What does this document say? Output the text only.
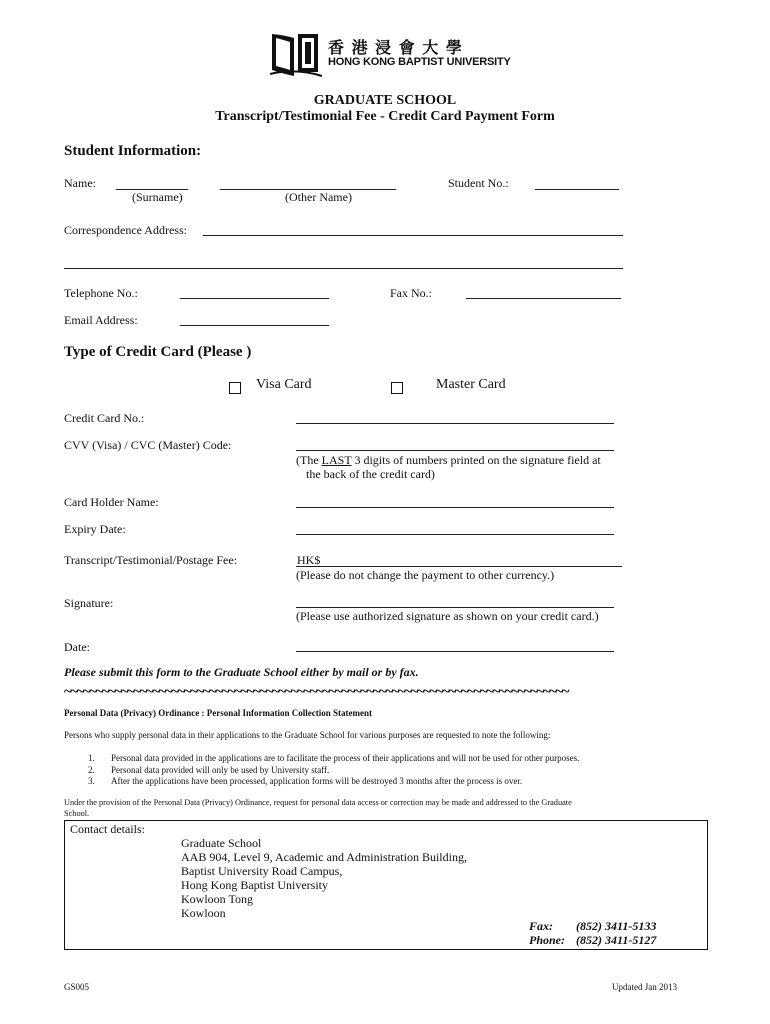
香 港 浸 會 大 學
HONG KONG BAPTIST UNIVERSITY
GRADUATE SCHOOL
Transcript/Testimonial Fee - Credit Card Payment Form
Student Information:
Name:
(Surname)	(Other Name)
Student No.:
Correspondence Address:
Telephone No.:	Fax No.:
Email Address:
Type of Credit Card (Please )
Visa Card	Master Card
Credit Card No.:
CVV (Visa) / CVC (Master) Code:
(The LAST 3 digits of numbers printed on the signature field at
the back of the credit card)
Card Holder Name:
Expiry Date:
Transcript/Testimonial/Postage Fee:	HK$
(Please do not change the payment to other currency.)
Signature:
(Please use authorized signature as shown on your credit card.)
Date:
Please submit this form to the Graduate School either by mail or by fax.
~~~~~~~~~~~~~~~~~~~~~~~~~~~~~~~~~~~~~~~~~~~~~~~~~~~~~~~~~~~~~~~~~~~~~~~~~~~~~~~~
Personal Data (Privacy) Ordinance : Personal Information Collection Statement
Persons who supply personal data in their applications to the Graduate School for various purposes are requested to note the following:
1. Personal data provided in the applications are to facilitate the process of their applications and will not be used for other purposes.
2. Personal data provided will only be used by University staff.
3. After the applications have been processed, application forms will be destroyed 3 months after the process is over.
Under the provision of the Personal Data (Privacy) Ordinance, request for personal data access or correction may be made and addressed to the Graduate
School.
Contact details:
Graduate School
AAB 904, Level 9, Academic and Administration Building,
Baptist University Road Campus,
Hong Kong Baptist University
Kowloon Tong
Kowloon
Fax: (852) 3411-5133
Phone: (852) 3411-5127
GS005	Updated Jan 2013
